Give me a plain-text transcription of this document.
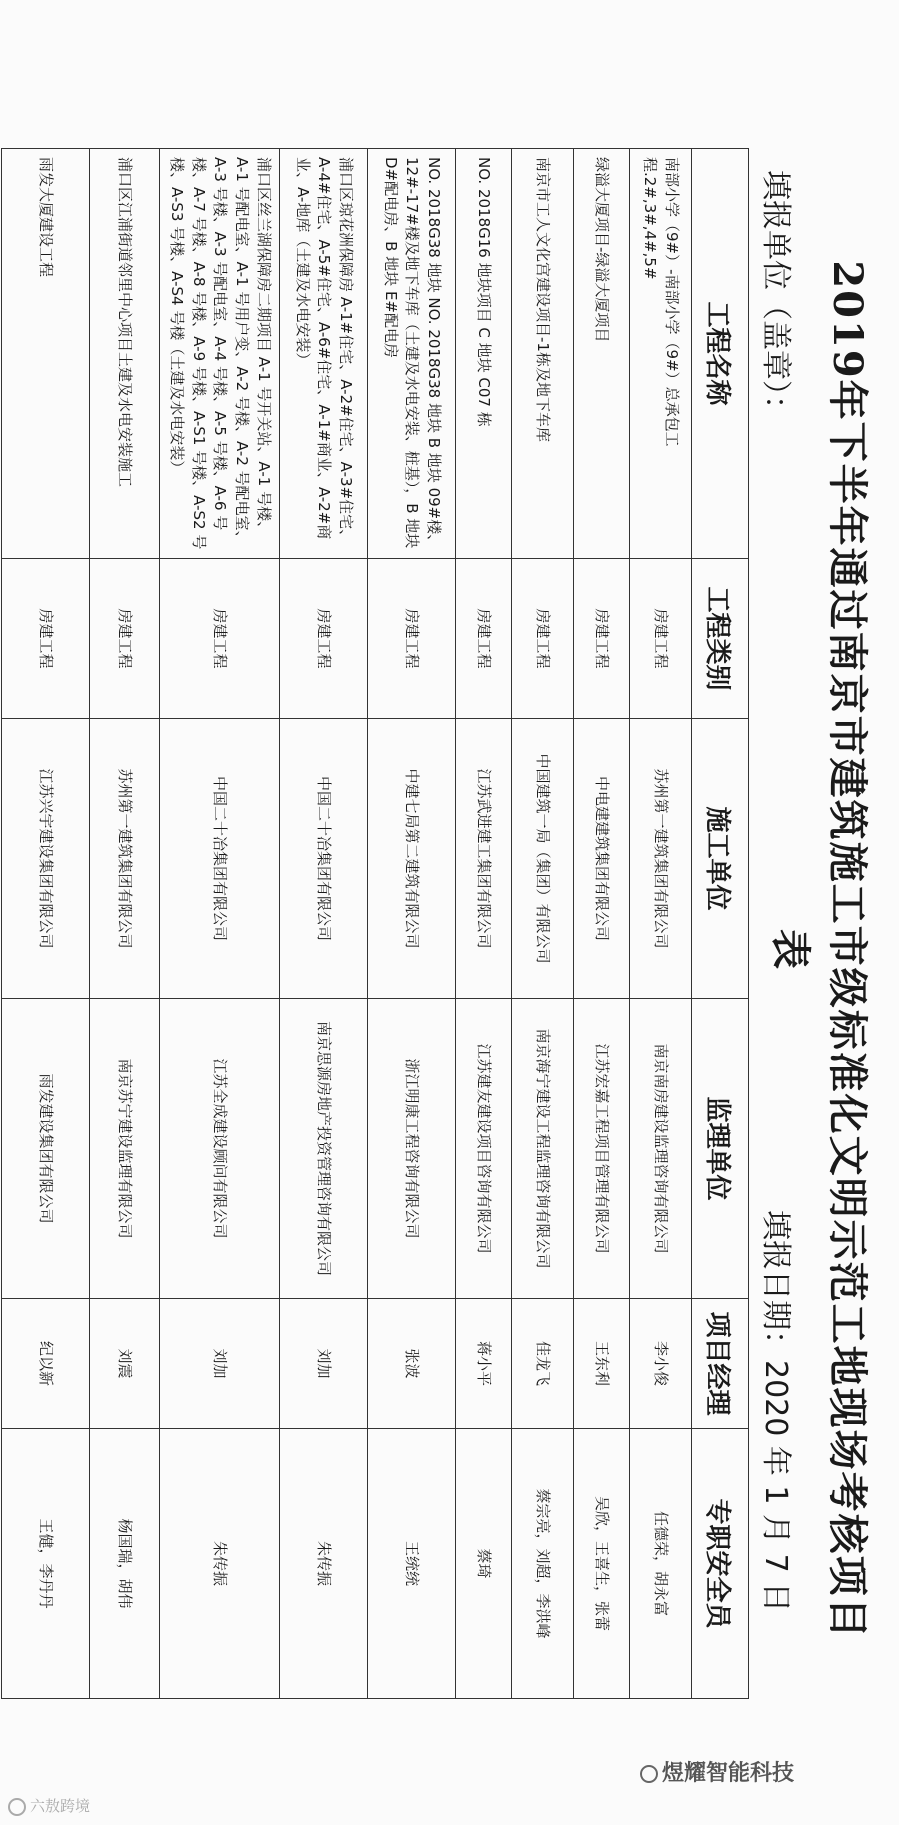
2019年下半年通过南京市建筑施工市级标准化文明示范工地现场考核项目表
填报单位（盖章）：
填报日期：2020 年 1 月 7 日
工程名称	工程类别	施工单位	监理单位	项目经理	专职安全员
南部小学（9#）-南部小学（9#）总承包工程.2#,3#,4#,5#	房建工程	苏州第一建筑集团有限公司	南京南房建设监理咨询有限公司	李小俊	任德荣，胡永富
绿溢大厦项目-绿溢大厦项目	房建工程	中电建建筑集团有限公司	江苏宏嘉工程项目管理有限公司	王东利	吴欣，王喜生，张蕾
南京市工人文化宫建设项目-1栋及地下车库	房建工程	中国建筑一局（集团）有限公司	南京海宁建设工程监理咨询有限公司	佳龙飞	蔡宗亮，刘超，李洪峰
NO. 2018G16 地块项目 C 地块 C07 栋	房建工程	江苏武进建工集团有限公司	江苏建友建设项目咨询有限公司	蒋小平	蔡琦
NO. 2018G38 地块 NO. 2018G38 地块 B 地块 09#楼、12#-17#楼及地下车库（土建及水电安装、桩基），B 地块 D#配电房、B 地块 E#配电房	房建工程	中建七局第二建筑有限公司	浙江明康工程咨询有限公司	张波	王统统
浦口区琼花洲保障房 A-1#住宅、A-2#住宅、A-3#住宅、A-4#住宅、A-5#住宅、A-6#住宅、A-1#商业、A-2#商业、A-地库（土建及水电安装）	房建工程	中国二十冶集团有限公司	南京思源房地产投资管理咨询有限公司	刘加	朱传振
浦口区丝兰湖保障房二期项目 A-1 号开关站、A-1 号楼、A-1 号配电室、A-1 号用户变、A-2 号楼、A-2 号配电室、A-3 号楼、A-3 号配电室、A-4 号楼、A-5 号楼、A-6 号楼、A-7 号楼、A-8 号楼、A-9 号楼、A-S1 号楼、A-S2 号楼、A-S3 号楼、A-S4 号楼（土建及水电安装）	房建工程	中国二十冶集团有限公司	江苏全成建设顾问有限公司	刘加	朱传振
浦口区江浦街道邻里中心项目土建及水电安装施工	房建工程	苏州第一建筑集团有限公司	南京苏宁建设监理有限公司	刘震	杨国瑞，胡伟
雨发大厦建设工程	房建工程	江苏兴宇建设集团有限公司	雨发建设集团有限公司	纪以新	王健，李丹丹
六敖跨境
煜耀智能科技
